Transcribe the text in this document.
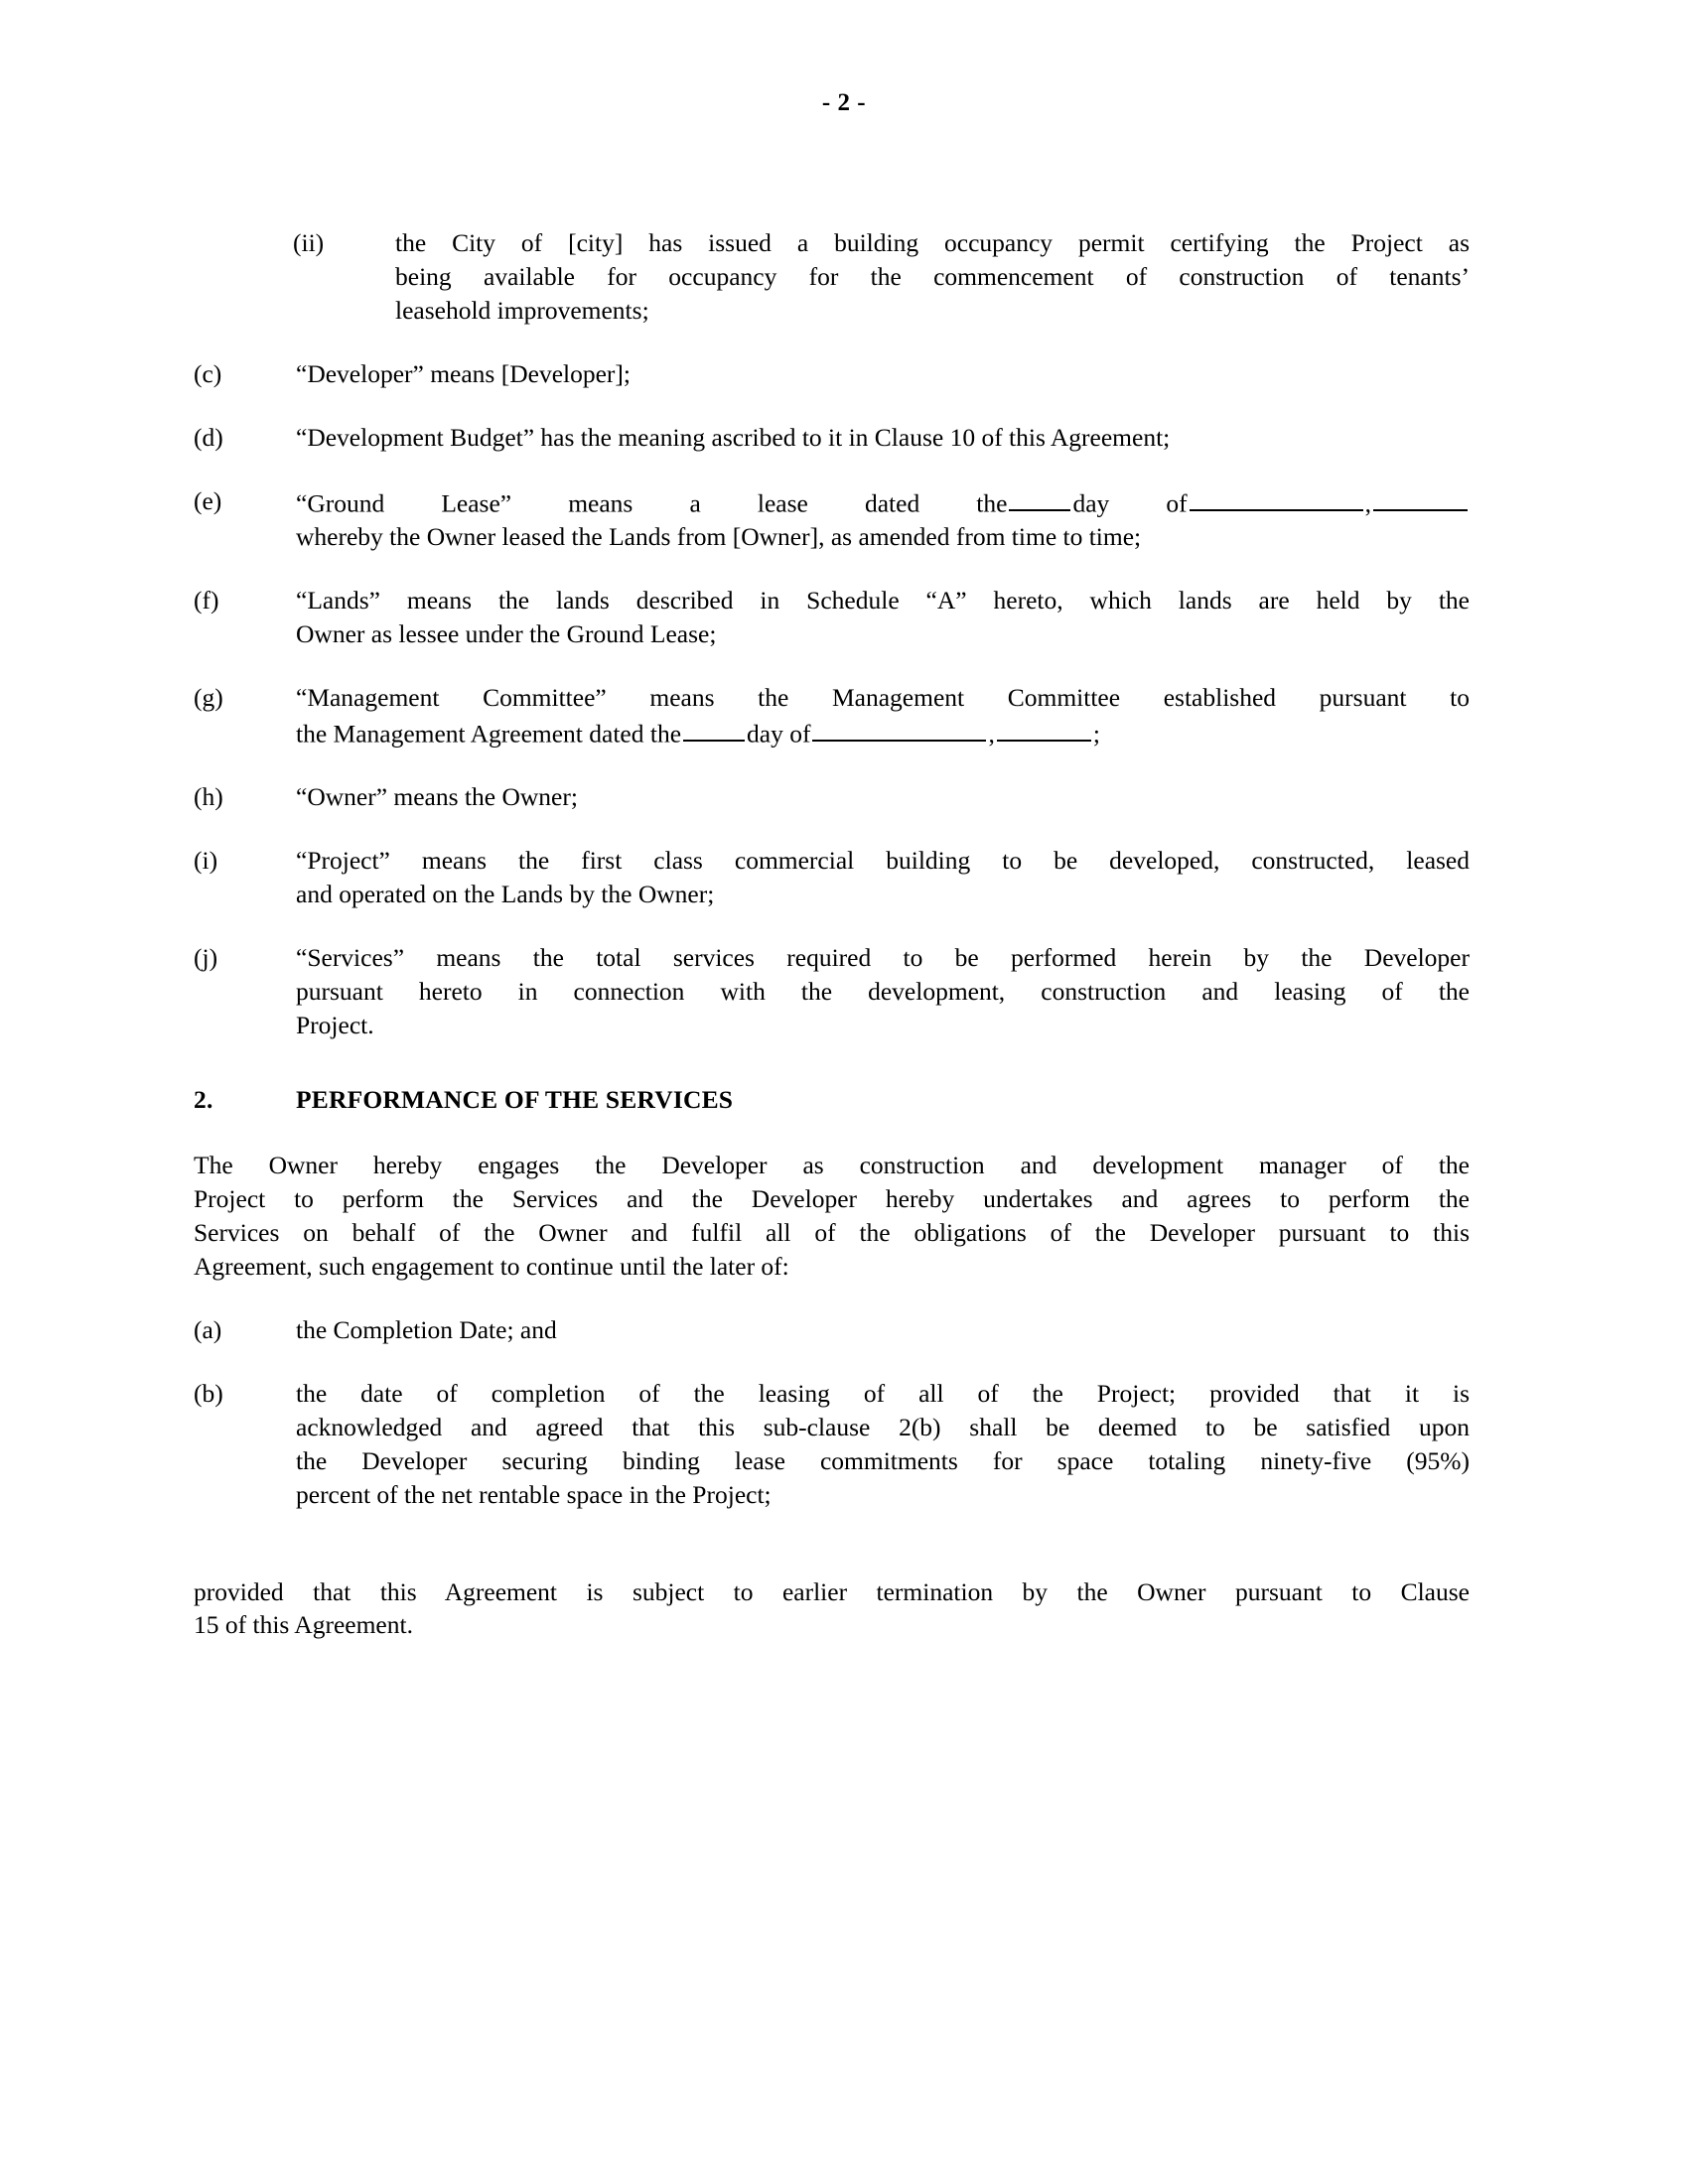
- 2 -
(ii)	the City of [city] has issued a building occupancy permit certifying the Project as
being available for occupancy for the commencement of construction of tenants’
leasehold improvements;
(c)	“Developer” means [Developer];
(d)	“Development Budget” has the meaning ascribed to it in Clause 10 of this Agreement;
(e)	“Ground Lease” means a lease dated the	day of	,
whereby the Owner leased the Lands from [Owner], as amended from time to time;
(f)	“Lands” means the lands described in Schedule “A” hereto, which lands are held by the
Owner as lessee under the Ground Lease;
(g)	“Management Committee” means the Management Committee established pursuant to
the Management Agreement dated the	day of	,	;
(h)	“Owner” means the Owner;
(i)	“Project” means the first class commercial building to be developed, constructed, leased
and operated on the Lands by the Owner;
(j)	“Services” means the total services required to be performed herein by the Developer
pursuant hereto in connection with the development, construction and leasing of the
Project.
2.	PERFORMANCE OF THE SERVICES
The Owner hereby engages the Developer as construction and development manager of the
Project to perform the Services and the Developer hereby undertakes and agrees to perform the
Services on behalf of the Owner and fulfil all of the obligations of the Developer pursuant to this
Agreement, such engagement to continue until the later of:
(a)	the Completion Date; and
(b)	the date of completion of the leasing of all of the Project; provided that it is
acknowledged and agreed that this sub-clause 2(b) shall be deemed to be satisfied upon
the Developer securing binding lease commitments for space totaling ninety-five (95%)
percent of the net rentable space in the Project;
provided that this Agreement is subject to earlier termination by the Owner pursuant to Clause
15 of this Agreement.
